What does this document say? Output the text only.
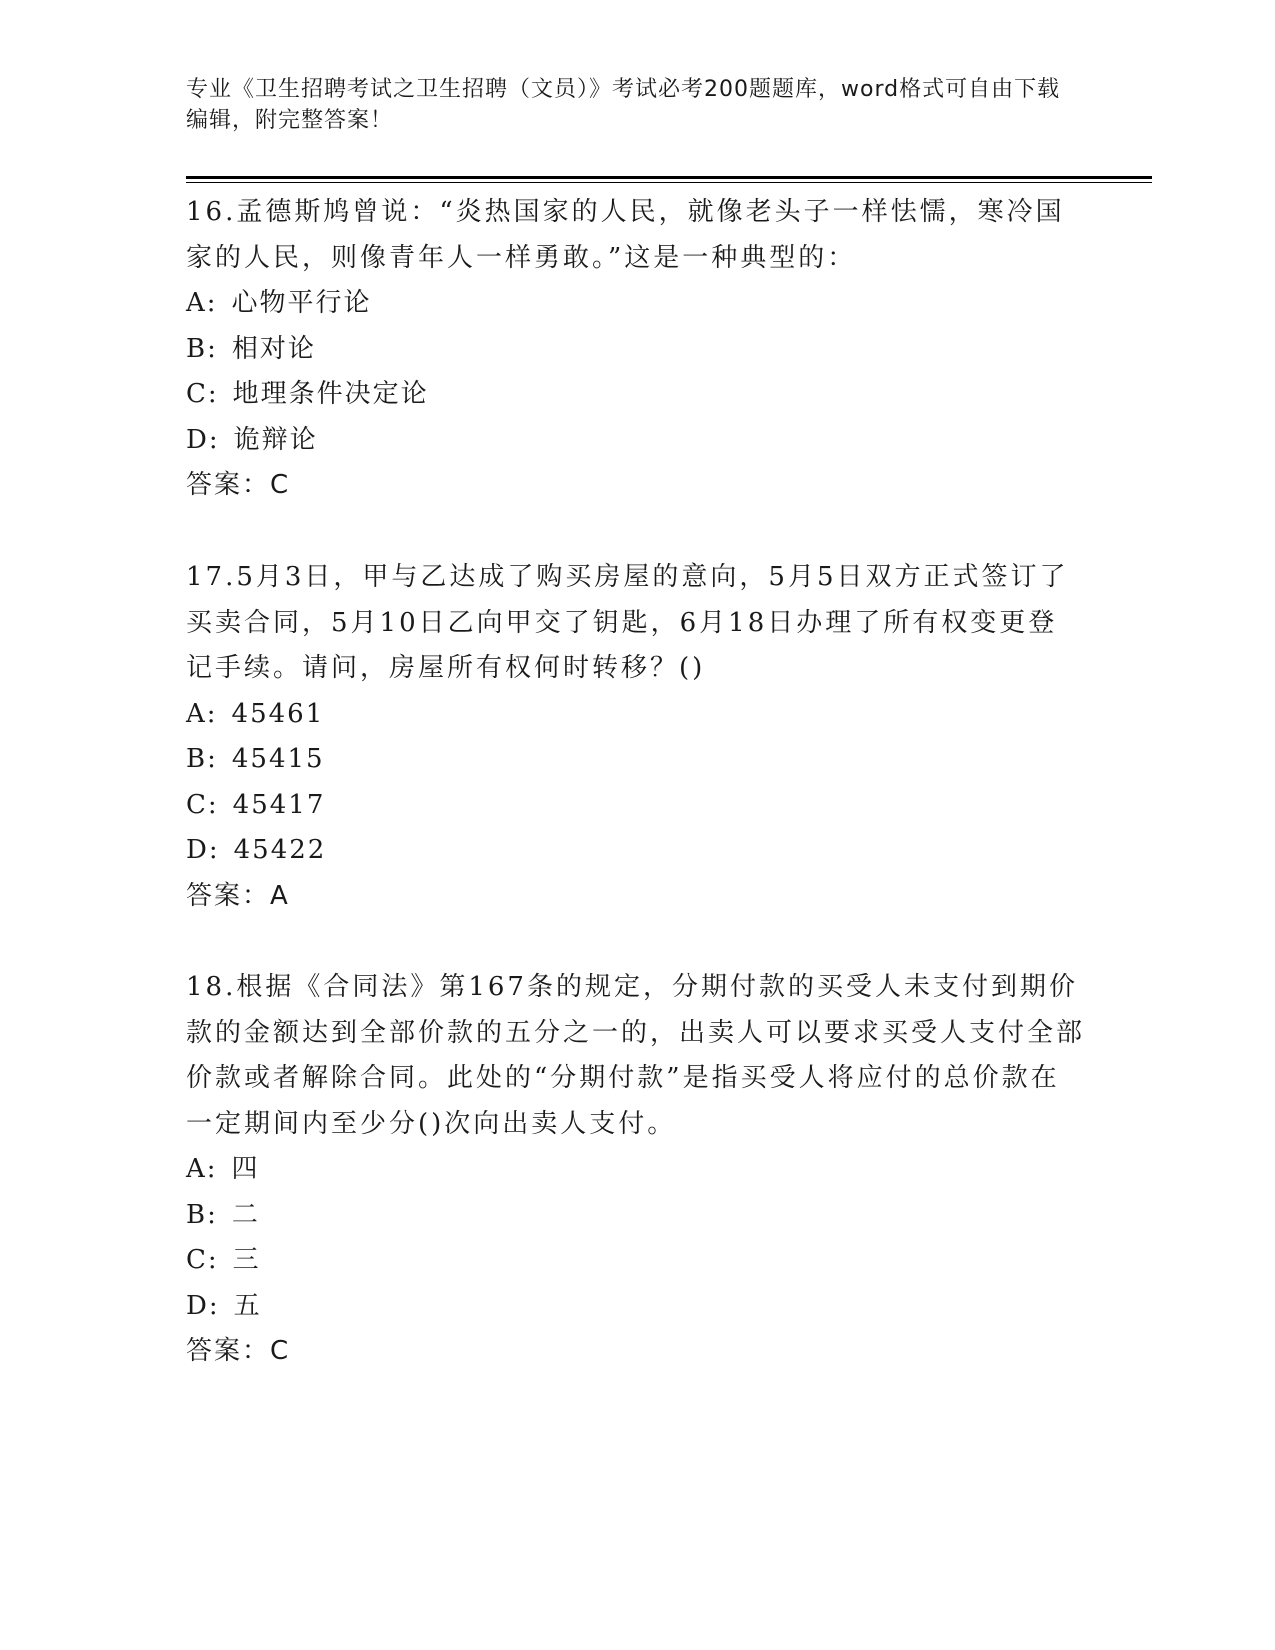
专业《卫生招聘考试之卫生招聘（文员）》考试必考200题题库，word格式可自由下载编辑，附完整答案！

16.孟德斯鸠曾说：“炎热国家的人民，就像老头子一样怯懦，寒冷国家的人民，则像青年人一样勇敢。”这是一种典型的：

A: 心物平行论

B: 相对论

C: 地理条件决定论

D: 诡辩论

答案：C

17.5月3日，甲与乙达成了购买房屋的意向，5月5日双方正式签订了买卖合同，5月10日乙向甲交了钥匙，6月18日办理了所有权变更登记手续。请问，房屋所有权何时转移？()

A: 45461

B: 45415

C: 45417

D: 45422

答案：A

18.根据《合同法》第167条的规定，分期付款的买受人未支付到期价款的金额达到全部价款的五分之一的，出卖人可以要求买受人支付全部价款或者解除合同。此处的“分期付款”是指买受人将应付的总价款在一定期间内至少分()次向出卖人支付。

A: 四

B: 二

C: 三

D: 五

答案：C
